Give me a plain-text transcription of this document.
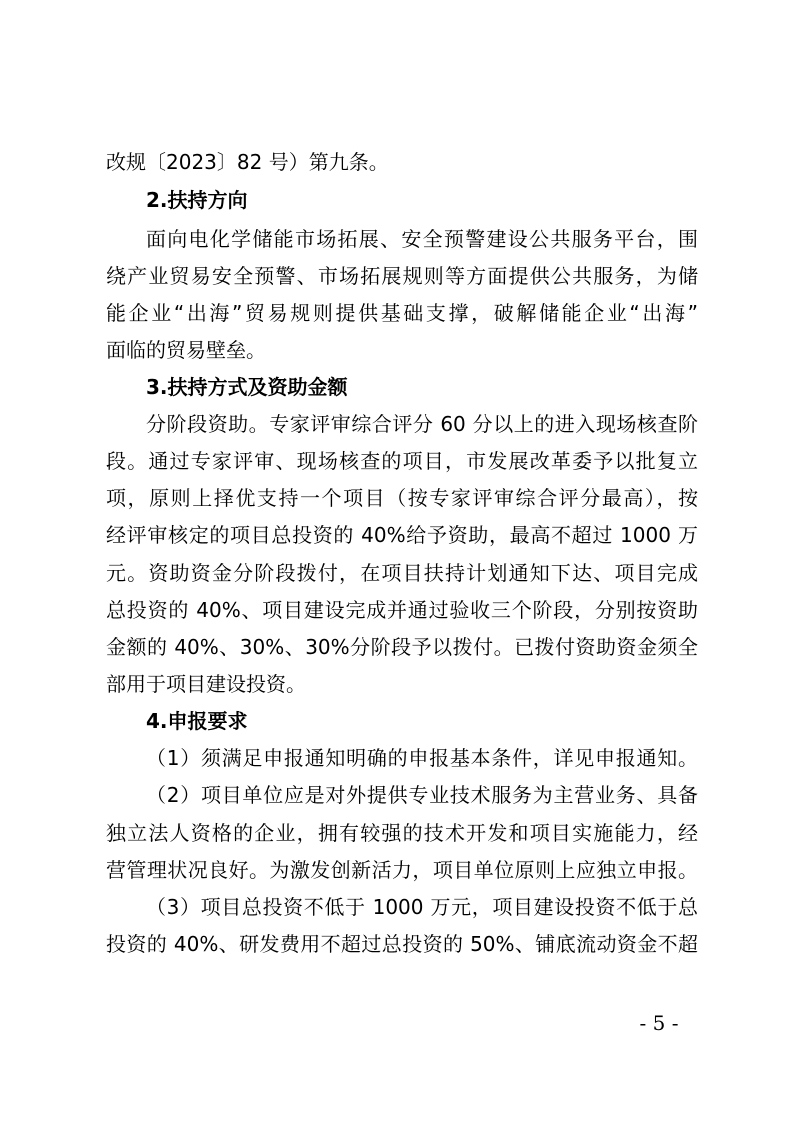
改规〔2023〕82 号）第九条。
2.扶持方向
面向电化学储能市场拓展、安全预警建设公共服务平台，围
绕产业贸易安全预警、市场拓展规则等方面提供公共服务，为储
能企业“出海”贸易规则提供基础支撑，破解储能企业“出海”
面临的贸易壁垒。
3.扶持方式及资助金额
分阶段资助。专家评审综合评分 60 分以上的进入现场核查阶
段。通过专家评审、现场核查的项目，市发展改革委予以批复立
项，原则上择优支持一个项目（按专家评审综合评分最高），按
经评审核定的项目总投资的 40%给予资助，最高不超过 1000 万
元。资助资金分阶段拨付，在项目扶持计划通知下达、项目完成
总投资的 40%、项目建设完成并通过验收三个阶段，分别按资助
金额的 40%、30%、30%分阶段予以拨付。已拨付资助资金须全
部用于项目建设投资。
4.申报要求
（1）须满足申报通知明确的申报基本条件，详见申报通知。
（2）项目单位应是对外提供专业技术服务为主营业务、具备
独立法人资格的企业，拥有较强的技术开发和项目实施能力，经
营管理状况良好。为激发创新活力，项目单位原则上应独立申报。
（3）项目总投资不低于 1000 万元，项目建设投资不低于总
投资的 40%、研发费用不超过总投资的 50%、铺底流动资金不超
- 5 -
